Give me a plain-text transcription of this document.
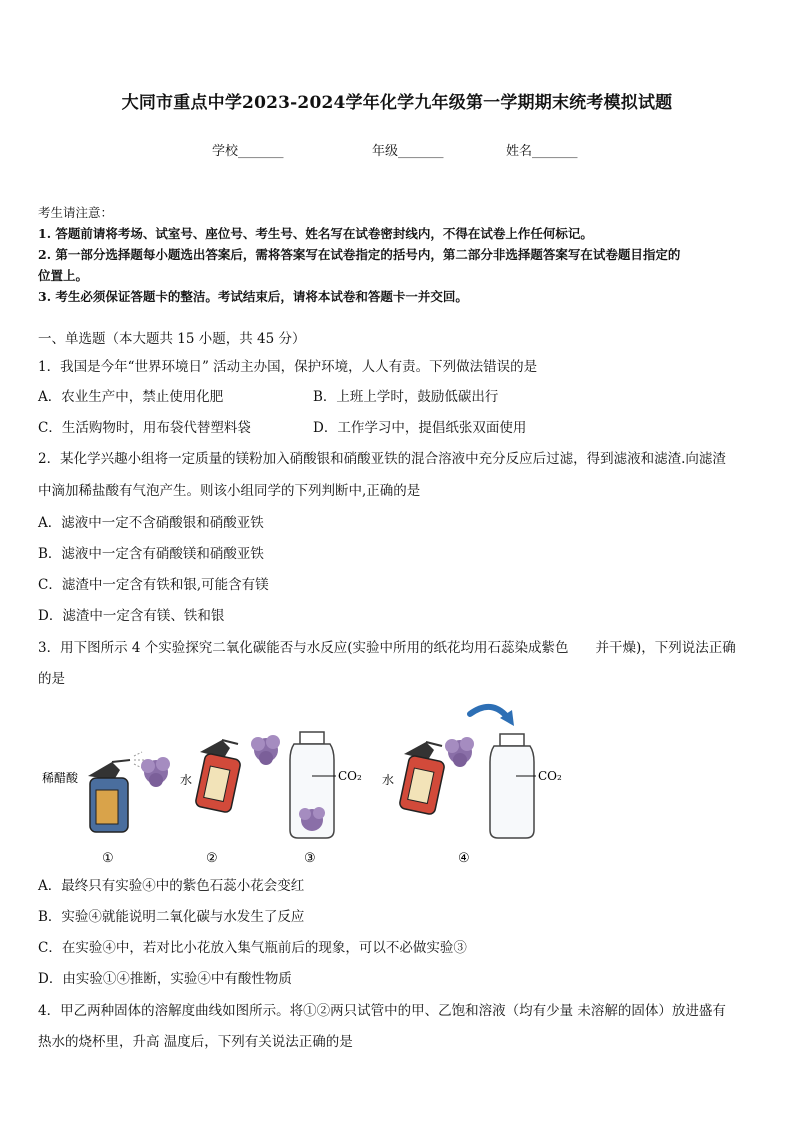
大同市重点中学2023-2024学年化学九年级第一学期期末统考模拟试题
学校_______	年级_______	姓名_______
考生请注意：
1. 答题前请将考场、试室号、座位号、考生号、姓名写在试卷密封线内，不得在试卷上作任何标记。
2. 第一部分选择题每小题选出答案后，需将答案写在试卷指定的括号内，第二部分非选择题答案写在试卷题目指定的
位置上。
3. 考生必须保证答题卡的整洁。考试结束后，请将本试卷和答题卡一并交回。
一、单选题（本大题共 15 小题，共 45 分）
1．我国是今年“世界环境日” 活动主办国，保护环境，人人有责。下列做法错误的是
A．农业生产中，禁止使用化肥	B．上班上学时，鼓励低碳出行
C．生活购物时，用布袋代替塑料袋	D．工作学习中，提倡纸张双面使用
2．某化学兴趣小组将一定质量的镁粉加入硝酸银和硝酸亚铁的混合溶液中充分反应后过滤，得到滤液和滤渣.向滤渣
中滴加稀盐酸有气泡产生。则该小组同学的下列判断中,正确的是
A．滤液中一定不含硝酸银和硝酸亚铁
B．滤液中一定含有硝酸镁和硝酸亚铁
C．滤渣中一定含有铁和银,可能含有镁
D．滤渣中一定含有镁、铁和银
3．用下图所示 4 个实验探究二氧化碳能否与水反应(实验中所用的纸花均用石蕊染成紫色　　并干燥)，下列说法正确
的是
稀醋酸	水	CO₂ 水	CO₂
①	②	③	④
A．最终只有实验④中的紫色石蕊小花会变红
B．实验④就能说明二氧化碳与水发生了反应
C．在实验④中，若对比小花放入集气瓶前后的现象，可以不必做实验③
D．由实验①④推断，实验④中有酸性物质
4．甲乙两种固体的溶解度曲线如图所示。将①②两只试管中的甲、乙饱和溶液（均有少量 未溶解的固体）放进盛有
热水的烧杯里，升高 温度后，下列有关说法正确的是
